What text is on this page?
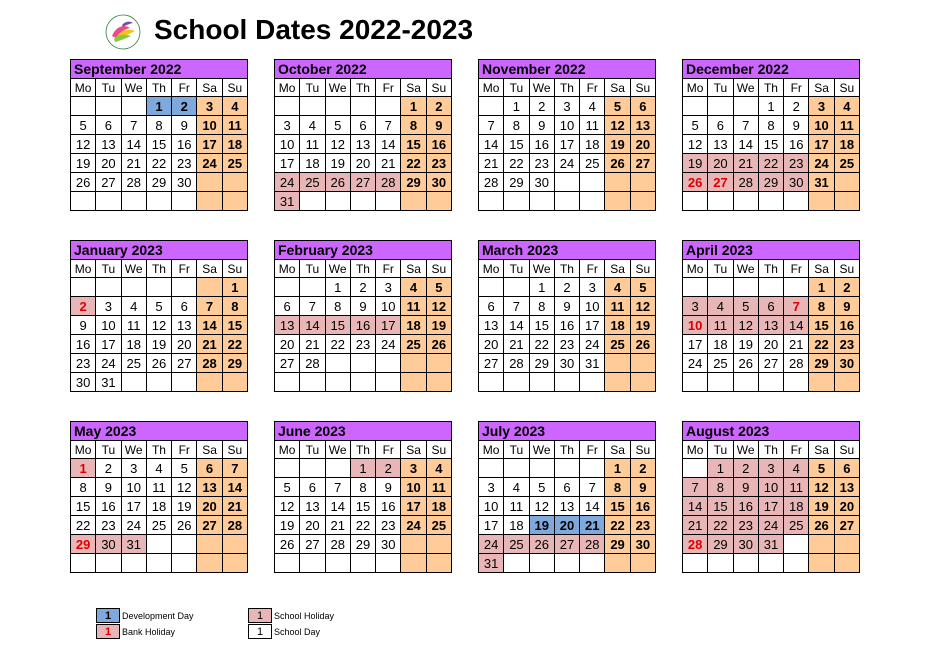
School Dates 2022-2023
September 2022
Mo	Tu	We	Th	Fr	Sa	Su
			1	2	3	4
5	6	7	8	9	10	11
12	13	14	15	16	17	18
19	20	21	22	23	24	25
26	27	28	29	30		

October 2022
Mo	Tu	We	Th	Fr	Sa	Su
					1	2
3	4	5	6	7	8	9
10	11	12	13	14	15	16
17	18	19	20	21	22	23
24	25	26	27	28	29	30
31						
November 2022
Mo	Tu	We	Th	Fr	Sa	Su
	1	2	3	4	5	6
7	8	9	10	11	12	13
14	15	16	17	18	19	20
21	22	23	24	25	26	27
28	29	30				

December 2022
Mo	Tu	We	Th	Fr	Sa	Su
			1	2	3	4
5	6	7	8	9	10	11
12	13	14	15	16	17	18
19	20	21	22	23	24	25
26	27	28	29	30	31	

January 2023
Mo	Tu	We	Th	Fr	Sa	Su
						1
2	3	4	5	6	7	8
9	10	11	12	13	14	15
16	17	18	19	20	21	22
23	24	25	26	27	28	29
30	31					
February 2023
Mo	Tu	We	Th	Fr	Sa	Su
		1	2	3	4	5
6	7	8	9	10	11	12
13	14	15	16	17	18	19
20	21	22	23	24	25	26
27	28					

March 2023
Mo	Tu	We	Th	Fr	Sa	Su
		1	2	3	4	5
6	7	8	9	10	11	12
13	14	15	16	17	18	19
20	21	22	23	24	25	26
27	28	29	30	31		

April 2023
Mo	Tu	We	Th	Fr	Sa	Su
					1	2
3	4	5	6	7	8	9
10	11	12	13	14	15	16
17	18	19	20	21	22	23
24	25	26	27	28	29	30

May 2023
Mo	Tu	We	Th	Fr	Sa	Su
1	2	3	4	5	6	7
8	9	10	11	12	13	14
15	16	17	18	19	20	21
22	23	24	25	26	27	28
29	30	31				

June 2023
Mo	Tu	We	Th	Fr	Sa	Su
			1	2	3	4
5	6	7	8	9	10	11
12	13	14	15	16	17	18
19	20	21	22	23	24	25
26	27	28	29	30		

July 2023
Mo	Tu	We	Th	Fr	Sa	Su
					1	2
3	4	5	6	7	8	9
10	11	12	13	14	15	16
17	18	19	20	21	22	23
24	25	26	27	28	29	30
31						
August 2023
Mo	Tu	We	Th	Fr	Sa	Su
	1	2	3	4	5	6
7	8	9	10	11	12	13
14	15	16	17	18	19	20
21	22	23	24	25	26	27
28	29	30	31			

1	Development Day
1	Bank Holiday
1	School Holiday
1	School Day
